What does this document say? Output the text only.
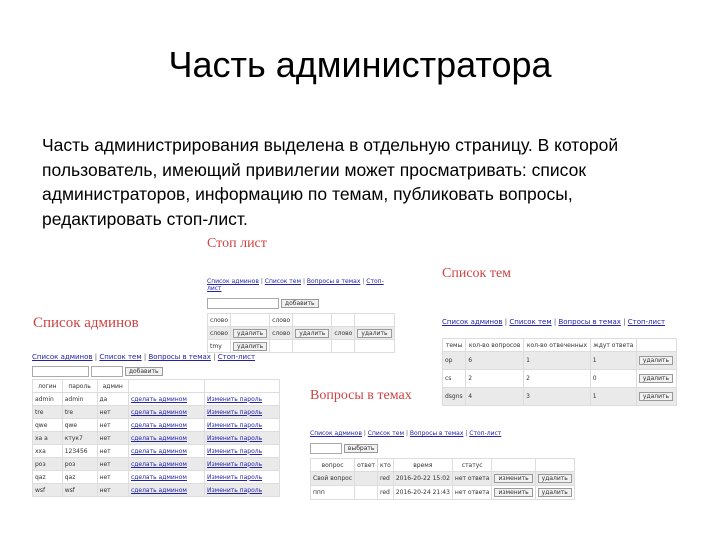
Часть администратора
Часть администрирования выделена в отдельную страницу. В которой пользователь, имеющий привилегии может просматривать: список администраторов, информацию по темам, публиковать вопросы, редактировать стоп-лист.
Стоп лист
Список админов | Список тем | Вопросы в темах | Стоп-лист
добавить
слово		слово			
слово	удалить	слово	удалить	слово	удалить
tmy	удалить				
Список тем
Список админов | Список тем | Вопросы в темах | Стоп-лист
темы	кол-во вопросов	кол-во отвеченных	ждут ответа	
op	6	1	1	удалить
cs	2	2	0	удалить
dsgns	4	3	1	удалить
Список админов
Список админов | Список тем | Вопросы в темах | Стоп-лист
добавить
логин	пароль	админ		
admin	admin	да	сделать админом	Изменить пароль
tre	tre	нет	сделать админом	Изменить пароль
qwe	qwe	нет	сделать админом	Изменить пароль
ха a	ктук7	нет	сделать админом	Изменить пароль
хха	123456	нет	сделать админом	Изменить пароль
роз	роз	нет	сделать админом	Изменить пароль
qaz	qaz	нет	сделать админом	Изменить пароль
wsf	wsf	нет	сделать админом	Изменить пароль
Вопросы в темах
Список админов | Список тем | Вопросы в темах | Стоп-лист
выбрать
вопрос	ответ	кто	время	статус		
Свой вопрос		red	2016-20-22 15:02	нет ответа	изменить	удалить
ппп		red	2016-20-24 21:43	нет ответа	изменить	удалить
